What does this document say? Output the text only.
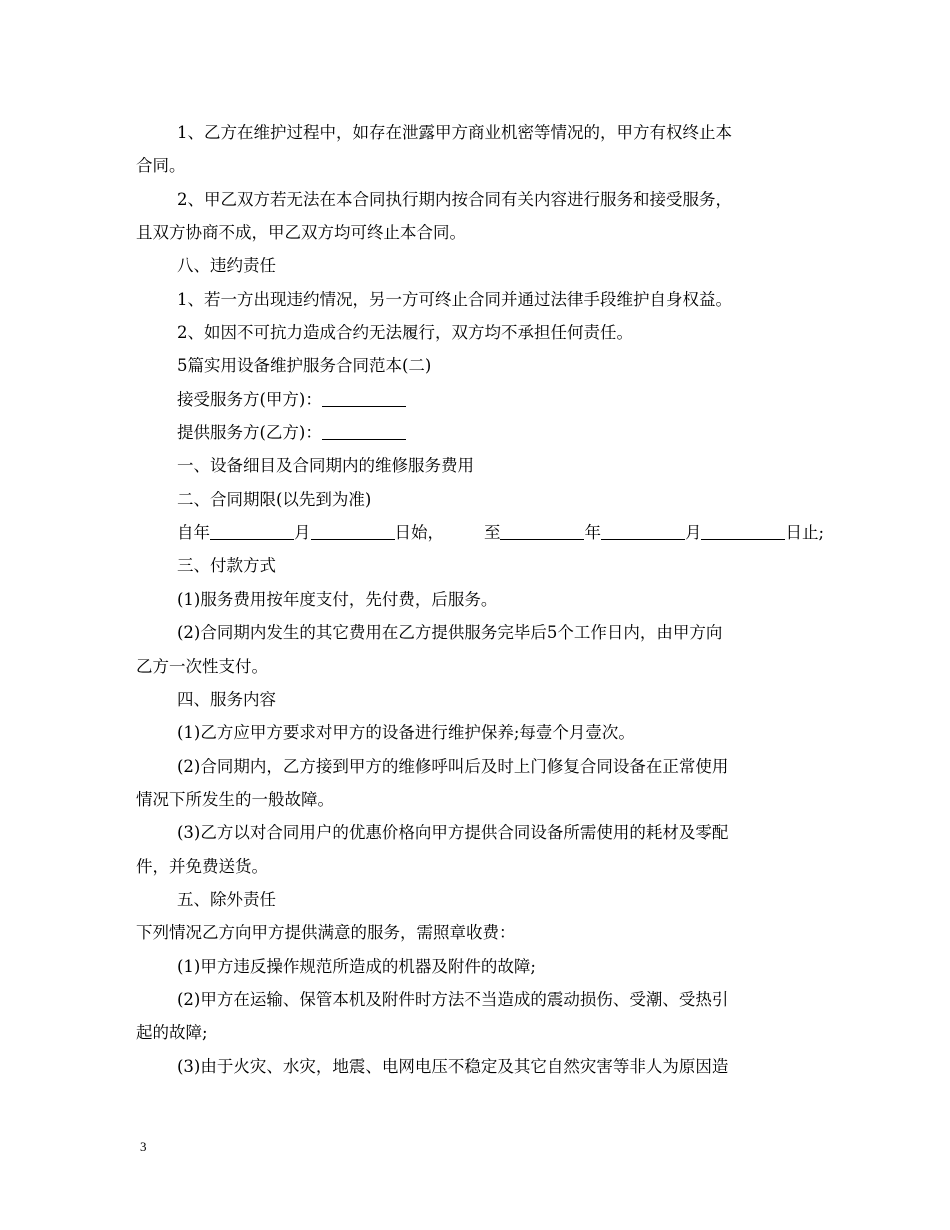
1、乙方在维护过程中，如存在泄露甲方商业机密等情况的，甲方有权终止本
合同。
2、甲乙双方若无法在本合同执行期内按合同有关内容进行服务和接受服务，
且双方协商不成，甲乙双方均可终止本合同。
八、违约责任
1、若一方出现违约情况，另一方可终止合同并通过法律手段维护自身权益。
2、如因不可抗力造成合约无法履行，双方均不承担任何责任。
5篇实用设备维护服务合同范本(二)
接受服务方(甲方)：
提供服务方(乙方)：
一、设备细目及合同期内的维修服务费用
二、合同期限(以先到为准)
自年	月	日始， 至	年	月	日止;
三、付款方式
(1)服务费用按年度支付，先付费，后服务。
(2)合同期内发生的其它费用在乙方提供服务完毕后5个工作日内，由甲方向
乙方一次性支付。
四、服务内容
(1)乙方应甲方要求对甲方的设备进行维护保养;每壹个月壹次。
(2)合同期内，乙方接到甲方的维修呼叫后及时上门修复合同设备在正常使用
情况下所发生的一般故障。
(3)乙方以对合同用户的优惠价格向甲方提供合同设备所需使用的耗材及零配
件，并免费送货。
五、除外责任
下列情况乙方向甲方提供满意的服务，需照章收费：
(1)甲方违反操作规范所造成的机器及附件的故障;
(2)甲方在运输、保管本机及附件时方法不当造成的震动损伤、受潮、受热引
起的故障;
(3)由于火灾、水灾，地震、电网电压不稳定及其它自然灾害等非人为原因造
3
